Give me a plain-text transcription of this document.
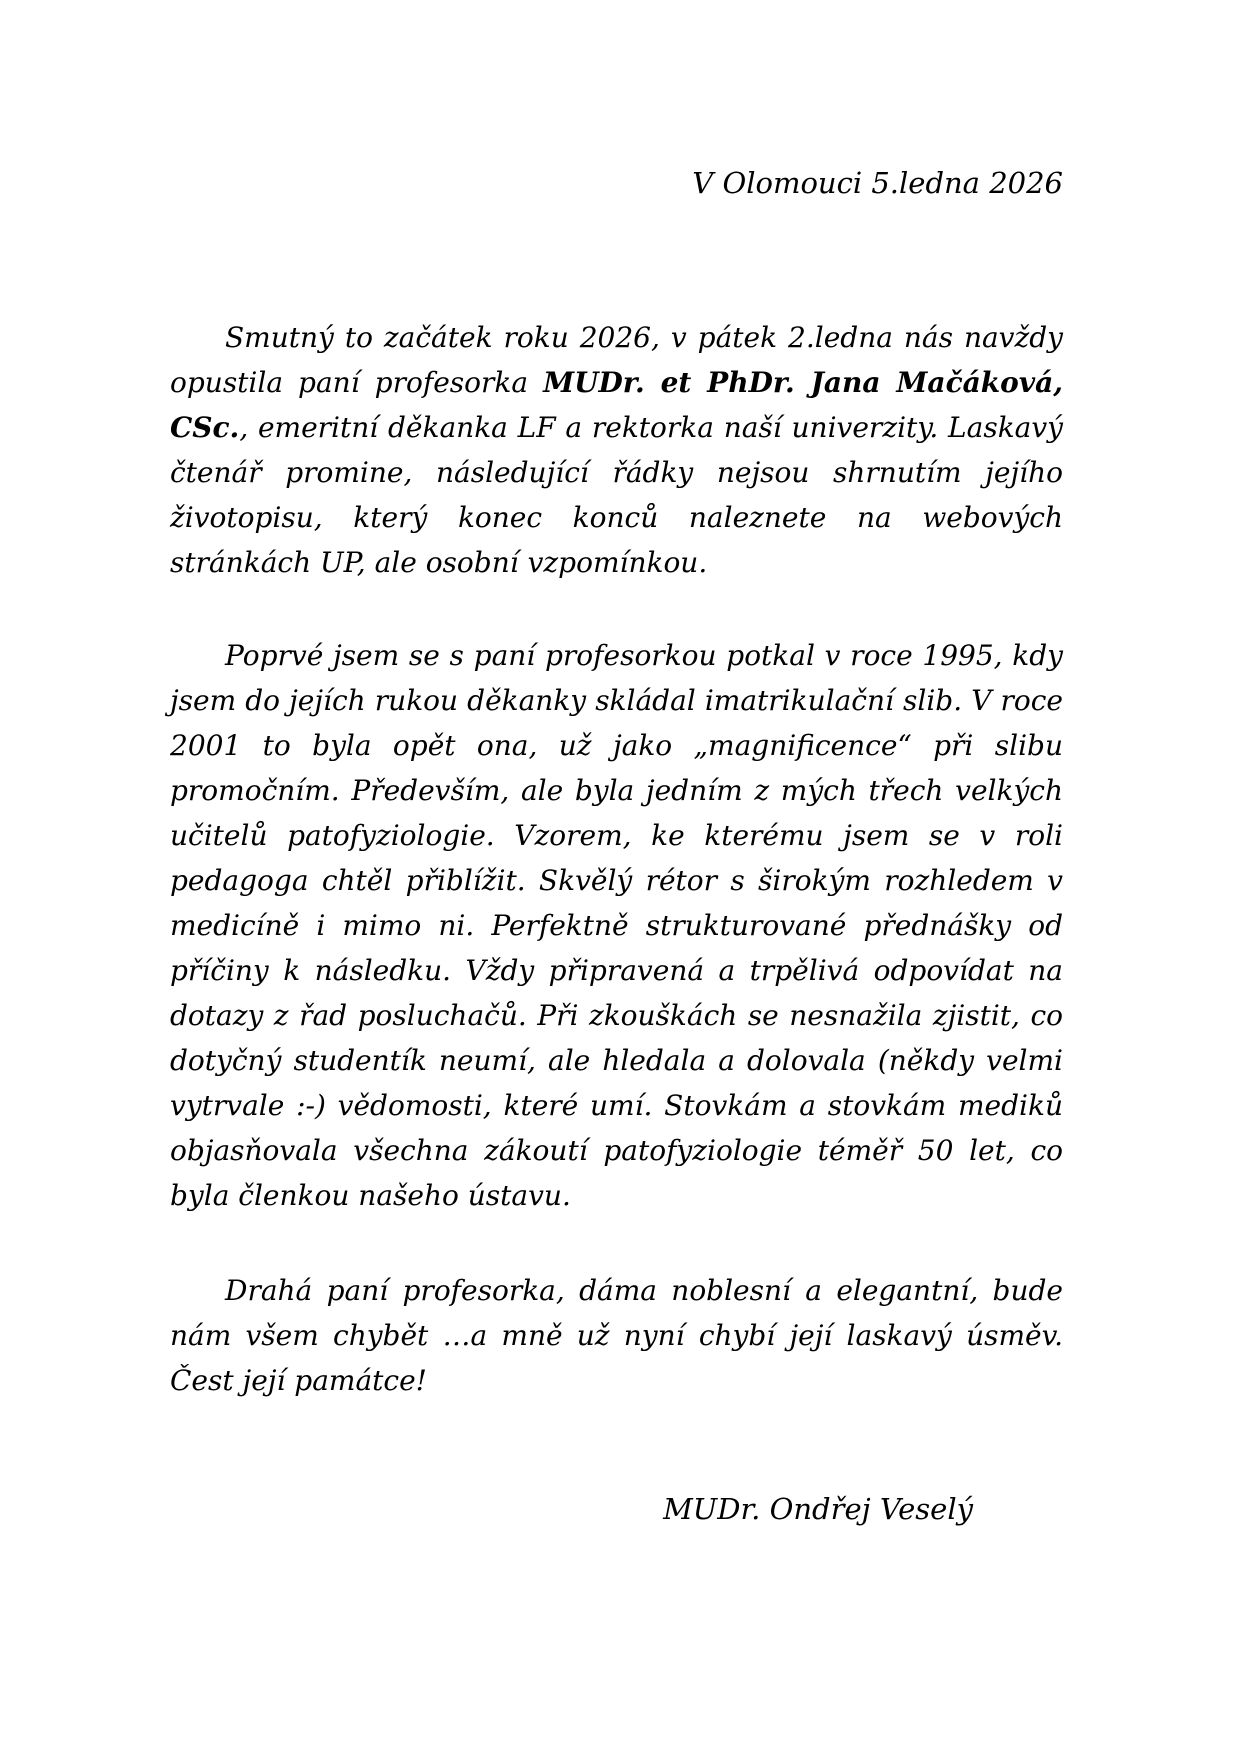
V Olomouci 5.ledna 2026

Smutný to začátek roku 2026, v pátek 2.ledna nás navždy opustila paní profesorka MUDr. et PhDr. Jana Mačáková, CSc., emeritní děkanka LF a rektorka naší univerzity. Laskavý čtenář promine, následující řádky nejsou shrnutím jejího životopisu, který konec konců naleznete na webových stránkách UP, ale osobní vzpomínkou.

Poprvé jsem se s paní profesorkou potkal v roce 1995, kdy jsem do jejích rukou děkanky skládal imatrikulační slib. V roce 2001 to byla opět ona, už jako „magnificence“ při slibu promočním. Především, ale byla jedním z mých třech velkých učitelů patofyziologie. Vzorem, ke kterému jsem se v roli pedagoga chtěl přiblížit. Skvělý rétor s širokým rozhledem v medicíně i mimo ni. Perfektně strukturované přednášky od příčiny k následku. Vždy připravená a trpělivá odpovídat na dotazy z řad posluchačů. Při zkouškách se nesnažila zjistit, co dotyčný studentík neumí, ale hledala a dolovala (někdy velmi vytrvale :-) vědomosti, které umí. Stovkám a stovkám mediků objasňovala všechna zákoutí patofyziologie téměř 50 let, co byla členkou našeho ústavu.

Drahá paní profesorka, dáma noblesní a elegantní, bude nám všem chybět …a mně už nyní chybí její laskavý úsměv. Čest její památce!

MUDr. Ondřej Veselý
